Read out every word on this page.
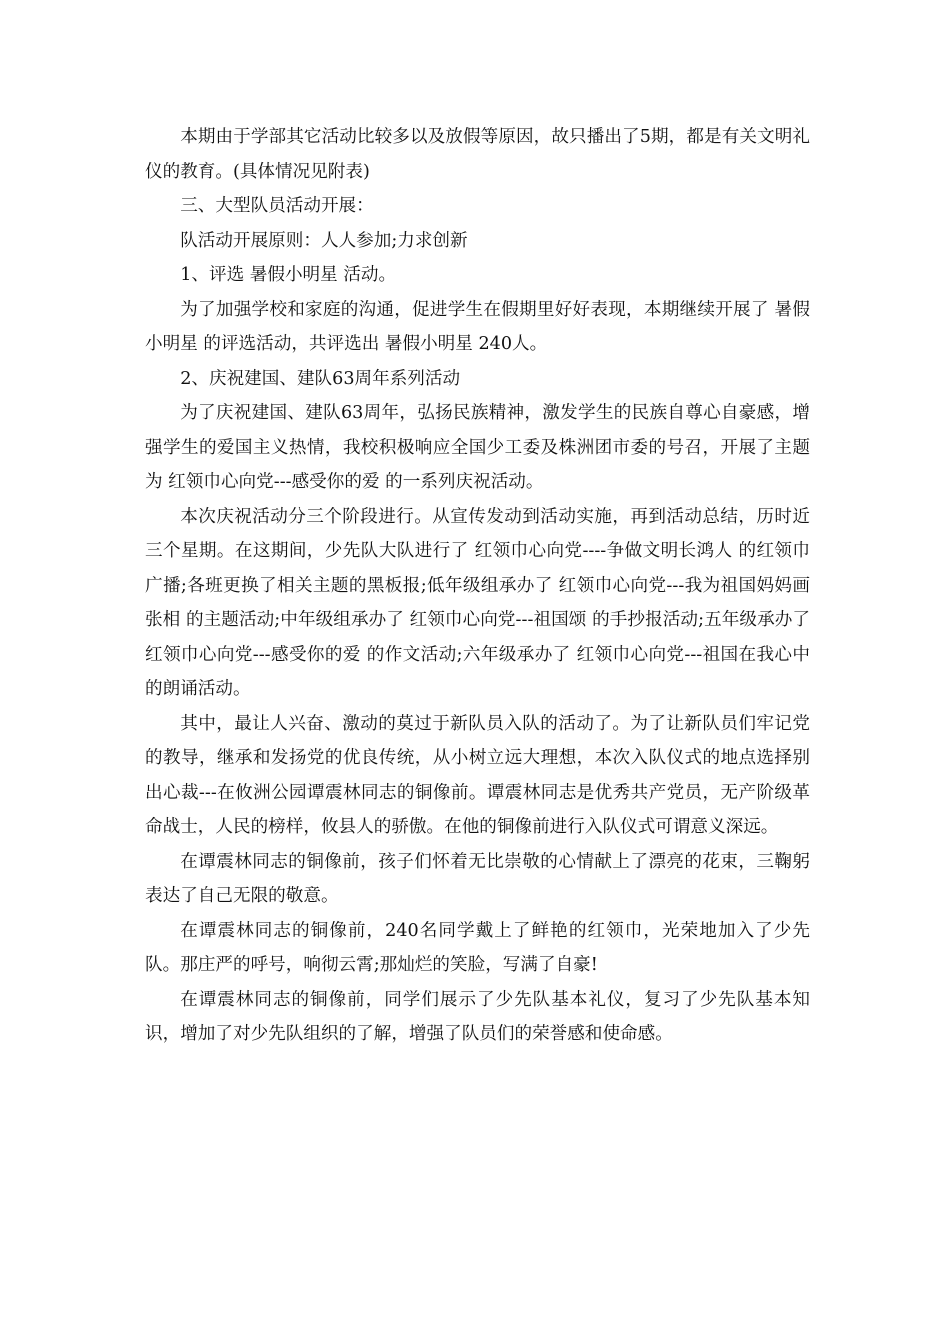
本期由于学部其它活动比较多以及放假等原因，故只播出了5期，都是有关文明礼仪的教育。(具体情况见附表)

三、大型队员活动开展：

队活动开展原则：人人参加;力求创新

1、评选 暑假小明星 活动。

为了加强学校和家庭的沟通，促进学生在假期里好好表现，本期继续开展了 暑假小明星 的评选活动，共评选出 暑假小明星 240人。

2、庆祝建国、建队63周年系列活动

为了庆祝建国、建队63周年，弘扬民族精神，激发学生的民族自尊心自豪感，增强学生的爱国主义热情，我校积极响应全国少工委及株洲团市委的号召，开展了主题为 红领巾心向党---感受你的爱 的一系列庆祝活动。

本次庆祝活动分三个阶段进行。从宣传发动到活动实施，再到活动总结，历时近三个星期。在这期间，少先队大队进行了 红领巾心向党----争做文明长鸿人 的红领巾广播;各班更换了相关主题的黑板报;低年级组承办了 红领巾心向党---我为祖国妈妈画张相 的主题活动;中年级组承办了 红领巾心向党---祖国颂 的手抄报活动;五年级承办了 红领巾心向党---感受你的爱 的作文活动;六年级承办了 红领巾心向党---祖国在我心中 的朗诵活动。

其中，最让人兴奋、激动的莫过于新队员入队的活动了。为了让新队员们牢记党的教导，继承和发扬党的优良传统，从小树立远大理想，本次入队仪式的地点选择别出心裁---在攸洲公园谭震林同志的铜像前。谭震林同志是优秀共产党员，无产阶级革命战士，人民的榜样，攸县人的骄傲。在他的铜像前进行入队仪式可谓意义深远。

在谭震林同志的铜像前，孩子们怀着无比崇敬的心情献上了漂亮的花束，三鞠躬表达了自己无限的敬意。

在谭震林同志的铜像前，240名同学戴上了鲜艳的红领巾，光荣地加入了少先队。那庄严的呼号，响彻云霄;那灿烂的笑脸，写满了自豪!

在谭震林同志的铜像前，同学们展示了少先队基本礼仪，复习了少先队基本知识，增加了对少先队组织的了解，增强了队员们的荣誉感和使命感。
